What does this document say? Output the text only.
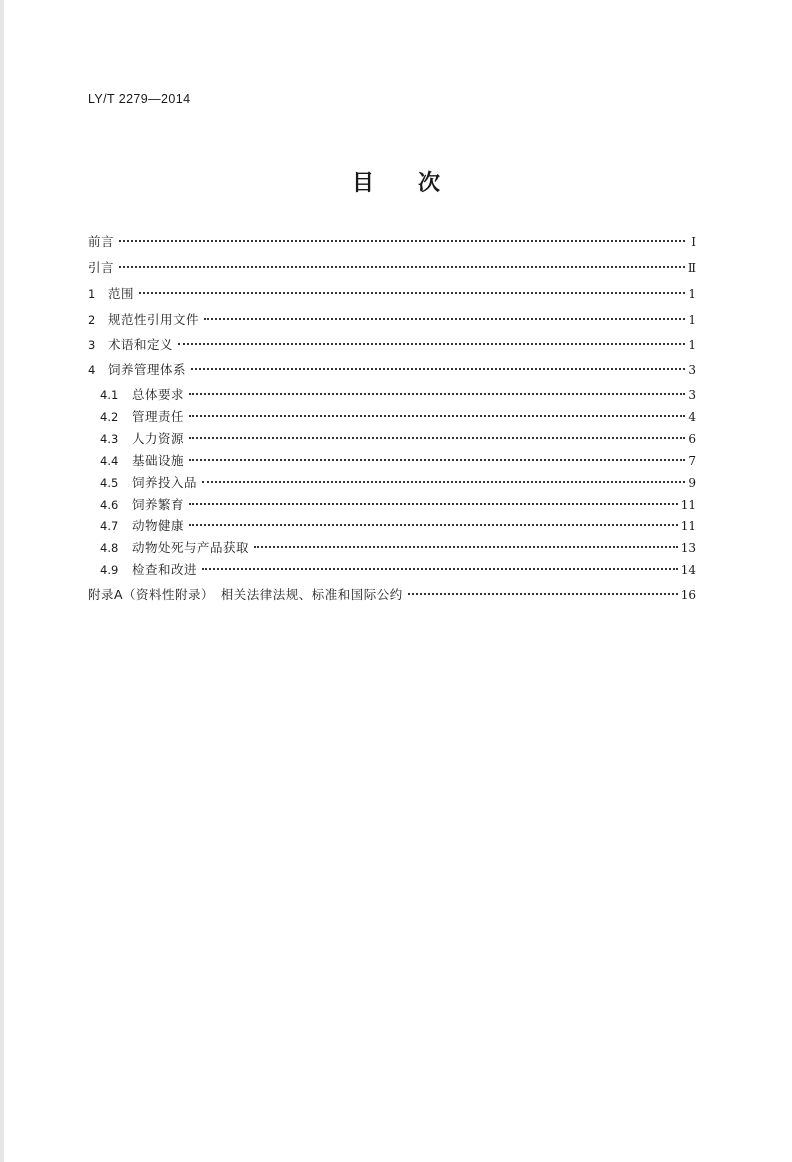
LY/T 2279—2014
目　　次
前言	Ⅰ
引言	Ⅱ
1	范围	1
2	规范性引用文件	1
3	术语和定义	1
4	饲养管理体系	3
4.1	总体要求	3
4.2	管理责任	4
4.3	人力资源	6
4.4	基础设施	7
4.5	饲养投入品	9
4.6	饲养繁育	11
4.7	动物健康	11
4.8	动物处死与产品获取	13
4.9	检查和改进	14
附录A（资料性附录）　相关法律法规、标准和国际公约	16
